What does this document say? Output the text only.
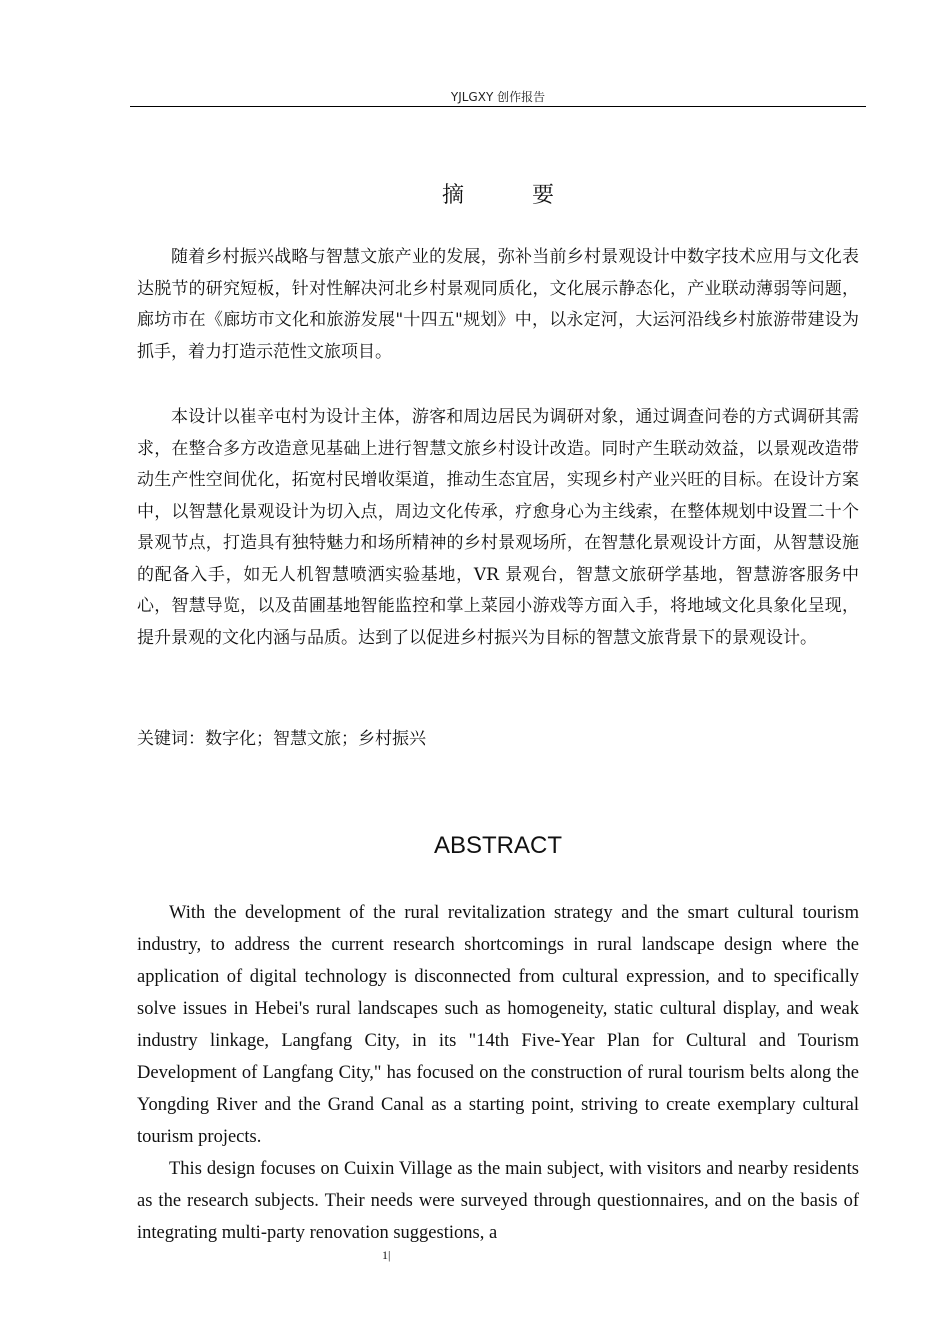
YJLGXY 创作报告
摘要

随着乡村振兴战略与智慧文旅产业的发展，弥补当前乡村景观设计中数字技术应用与文化表达脱节的研究短板，针对性解决河北乡村景观同质化，文化展示静态化，产业联动薄弱等问题，廊坊市在《廊坊市文化和旅游发展"十四五"规划》中，以永定河，大运河沿线乡村旅游带建设为抓手，着力打造示范性文旅项目。

本设计以崔辛屯村为设计主体，游客和周边居民为调研对象，通过调查问卷的方式调研其需求，在整合多方改造意见基础上进行智慧文旅乡村设计改造。同时产生联动效益，以景观改造带动生产性空间优化，拓宽村民增收渠道，推动生态宜居，实现乡村产业兴旺的目标。在设计方案中，以智慧化景观设计为切入点，周边文化传承，疗愈身心为主线索，在整体规划中设置二十个景观节点，打造具有独特魅力和场所精神的乡村景观场所，在智慧化景观设计方面，从智慧设施的配备入手，如无人机智慧喷洒实验基地，VR 景观台，智慧文旅研学基地，智慧游客服务中心，智慧导览，以及苗圃基地智能监控和掌上菜园小游戏等方面入手，将地域文化具象化呈现，提升景观的文化内涵与品质。达到了以促进乡村振兴为目标的智慧文旅背景下的景观设计。

关键词：数字化；智慧文旅；乡村振兴
ABSTRACT

With the development of the rural revitalization strategy and the smart cultural tourism industry, to address the current research shortcomings in rural landscape design where the application of digital technology is disconnected from cultural expression, and to specifically solve issues in Hebei's rural landscapes such as homogeneity, static cultural display, and weak industry linkage, Langfang City, in its "14th Five-Year Plan for Cultural and Tourism Development of Langfang City," has focused on the construction of rural tourism belts along the Yongding River and the Grand Canal as a starting point, striving to create exemplary cultural tourism projects.

This design focuses on Cuixin Village as the main subject, with visitors and nearby residents as the research subjects. Their needs were surveyed through questionnaires, and on the basis of integrating multi-party renovation suggestions, a

1|
